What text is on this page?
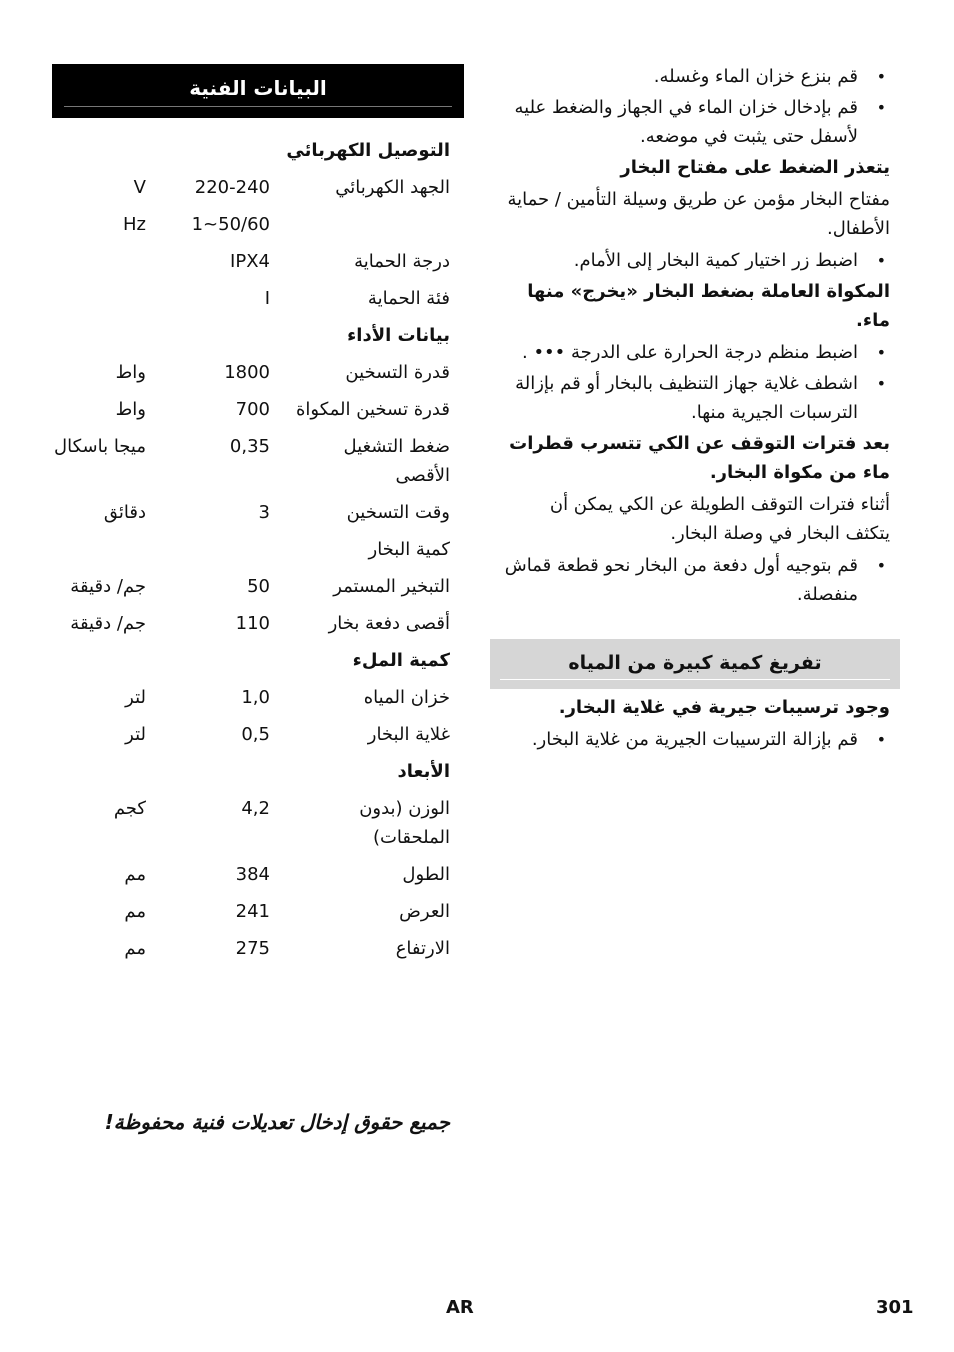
•
قم بنزع خزان الماء وغسله.
•
قم بإدخال خزان الماء في الجهاز والضغط عليه لأسفل حتى يثبت في موضعه.
يتعذر الضغط على مفتاح البخار
مفتاح البخار مؤمن عن طريق وسيلة التأمين / حماية الأطفال.
•
اضبط زر اختيار كمية البخار إلى الأمام.
المكواة العاملة بضغط البخار «يخرج» منها ماء.
•
اضبط منظم درجة الحرارة على الدرجة ••• .
•
اشطف غلاية جهاز التنظيف بالبخار أو قم بإزالة الترسبات الجيرية منها.
بعد فترات التوقف عن الكي تتسرب قطرات ماء من مكواة البخار.
أثناء فترات التوقف الطويلة عن الكي يمكن أن يتكثف البخار في وصلة البخار.
•
قم بتوجيه أول دفعة من البخار نحو قطعة قماش منفصلة.
تفريغ كمية كبيرة من المياه
وجود ترسيبات جيرية في غلاية البخار.
•
قم بإزالة الترسيبات الجيرية من غلاية البخار.
البيانات الفنية
		التوصيل الكهربائي
V	220-240	الجهد الكهربائي
Hz	1~50/60	
	IPX4	درجة الحماية
	I	فئة الحماية
		بيانات الأداء
واط	1800	قدرة التسخين
واط	700	قدرة تسخين المكواة
ميجا باسكال	0,35	ضغط التشغيل الأقصى
دقائق	3	وقت التسخين
		كمية البخار
جم/ دقيقة	50	التبخير المستمر
جم/ دقيقة	110	أقصى دفعة بخار
		كمية الملء
لتر	1,0	خزان المياه
لتر	0,5	غلاية البخار
		الأبعاد
كجم	4,2	الوزن (بدون الملحقات)
مم	384	الطول
مم	241	العرض
مم	275	الارتفاع
جميع حقوق إدخال تعديلات فنية محفوظة!
AR	301
